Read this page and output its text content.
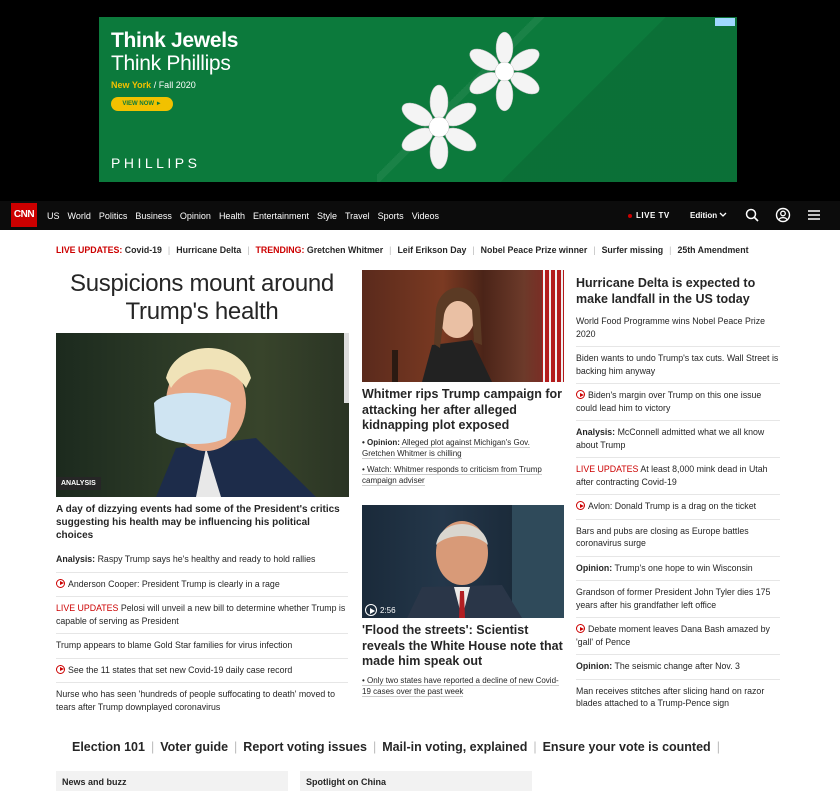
Think Jewels
Think Phillips
New York / Fall 2020
VIEW NOW ►
PHILLIPS
CNN	US World Politics Business Opinion Health Entertainment Style Travel Sports Videos	LIVE TV	Edition
LIVE UPDATES:
Covid-19 | Hurricane Delta | TRENDING:
Gretchen Whitmer | Leif Erikson Day | Nobel Peace Prize winner | Surfer missing | 25th Amendment
Suspicions mount around Trump's health
ANALYSIS
A day of dizzying events had some of the President's critics suggesting his health may be influencing his political choices
Analysis: Raspy Trump says he's healthy and ready to hold rallies
Anderson Cooper: President Trump is clearly in a rage
LIVE UPDATES Pelosi will unveil a new bill to determine whether Trump is capable of serving as President
Trump appears to blame Gold Star families for virus infection
See the 11 states that set new Covid-19 daily case record
Nurse who has seen 'hundreds of people suffocating to death' moved to tears after Trump downplayed coronavirus
Whitmer rips Trump campaign for attacking her after alleged kidnapping plot exposed
• Opinion: Alleged plot against Michigan's Gov. Gretchen Whitmer is chilling
• Watch: Whitmer responds to criticism from Trump campaign adviser
2:56
'Flood the streets': Scientist reveals the White House note that made him speak out
• Only two states have reported a decline of new Covid-19 cases over the past week
Hurricane Delta is expected to make landfall in the US today
World Food Programme wins Nobel Peace Prize 2020
Biden wants to undo Trump's tax cuts. Wall Street is backing him anyway
Biden's margin over Trump on this one issue could lead him to victory
Analysis: McConnell admitted what we all know about Trump
LIVE UPDATES At least 8,000 mink dead in Utah after contracting Covid-19
Avlon: Donald Trump is a drag on the ticket
Bars and pubs are closing as Europe battles coronavirus surge
Opinion: Trump's one hope to win Wisconsin
Grandson of former President John Tyler dies 175 years after his grandfather left office
Debate moment leaves Dana Bash amazed by 'gall' of Pence
Opinion: The seismic change after Nov. 3
Man receives stitches after slicing hand on razor blades attached to a Trump-Pence sign
Election 101 | Voter guide | Report voting issues | Mail-in voting, explained | Ensure your vote is counted |
News and buzz	Spotlight on China
